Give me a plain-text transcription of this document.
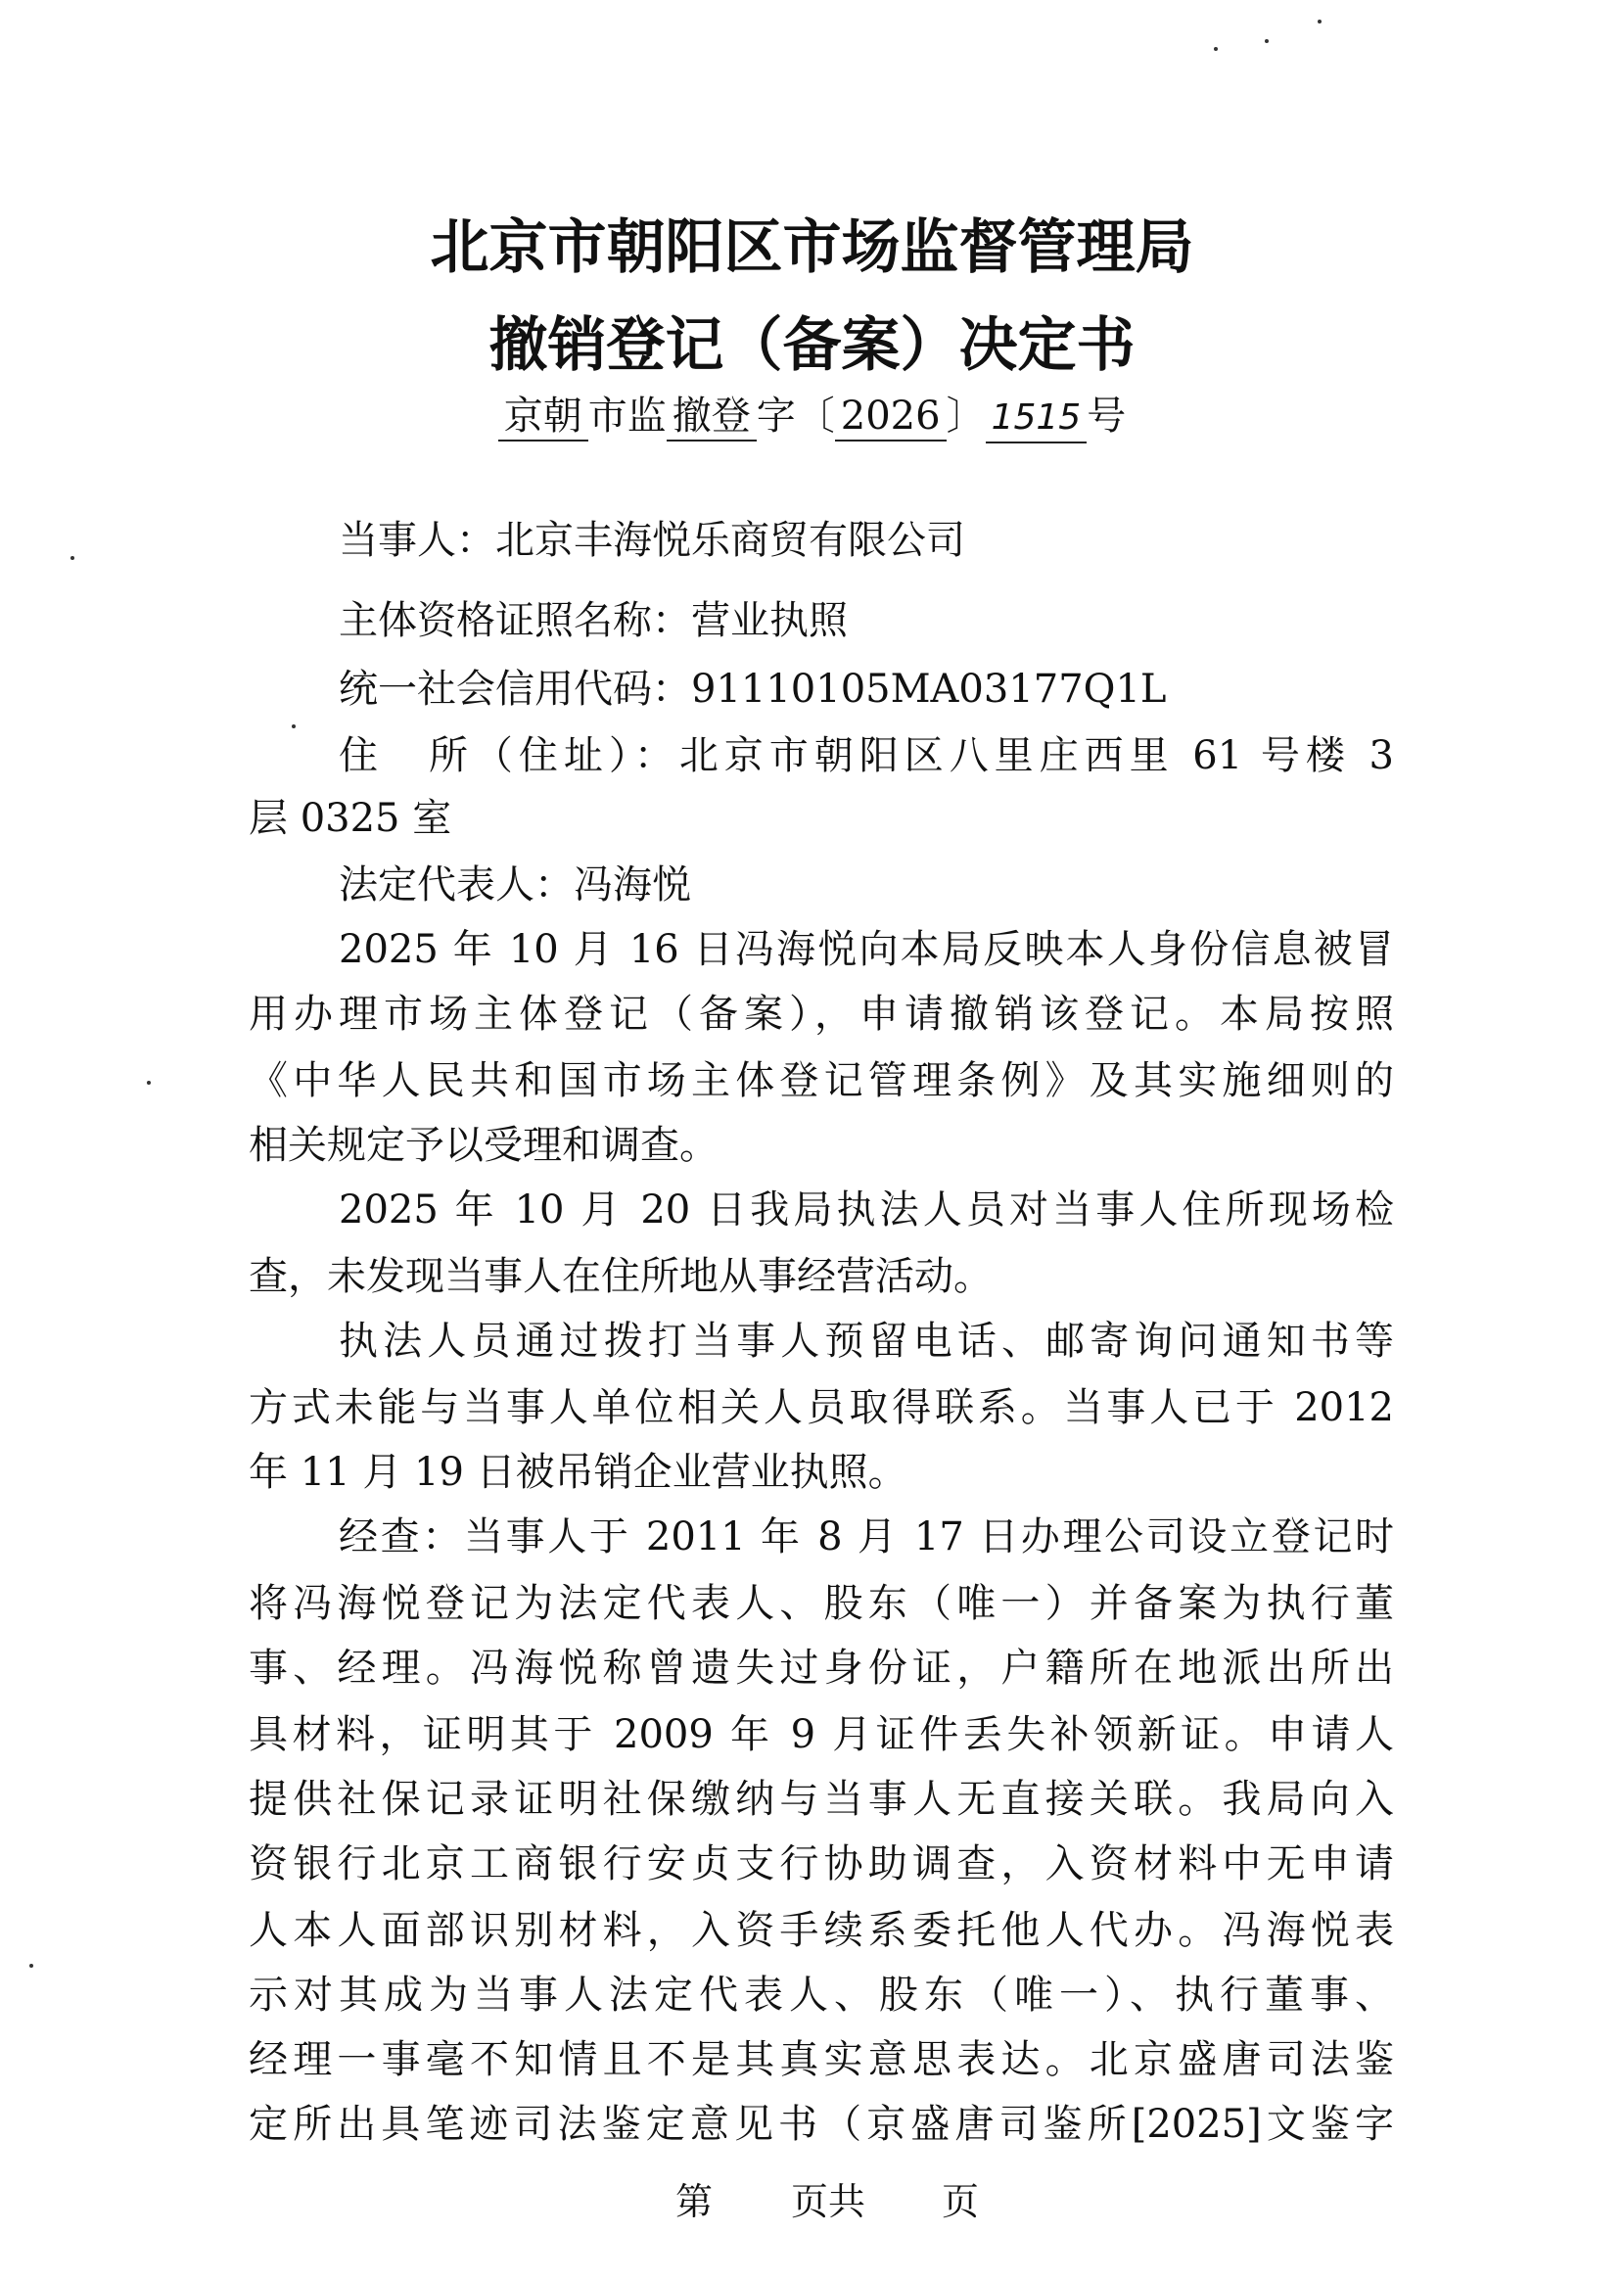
北京市朝阳区市场监督管理局
撤销登记（备案）决定书
京朝 市监 撤登 字〔 2026 〕 1515 号
当事人：北京丰海悦乐商贸有限公司
主体资格证照名称：营业执照
统一社会信用代码：91110105MA03177Q1L
住　所（住址）：北京市朝阳区八里庄西里 61 号楼 3
层 0325 室
法定代表人：冯海悦
2025 年 10 月 16 日冯海悦向本局反映本人身份信息被冒
用办理市场主体登记（备案），申请撤销该登记。本局按照
《中华人民共和国市场主体登记管理条例》及其实施细则的
相关规定予以受理和调查。
2025 年 10 月 20 日我局执法人员对当事人住所现场检
查，未发现当事人在住所地从事经营活动。
执法人员通过拨打当事人预留电话、邮寄询问通知书等
方式未能与当事人单位相关人员取得联系。当事人已于 2012
年 11 月 19 日被吊销企业营业执照。
经查：当事人于 2011 年 8 月 17 日办理公司设立登记时
将冯海悦登记为法定代表人、股东（唯一）并备案为执行董
事、经理。冯海悦称曾遗失过身份证，户籍所在地派出所出
具材料，证明其于 2009 年 9 月证件丢失补领新证。申请人
提供社保记录证明社保缴纳与当事人无直接关联。我局向入
资银行北京工商银行安贞支行协助调查，入资材料中无申请
人本人面部识别材料，入资手续系委托他人代办。冯海悦表
示对其成为当事人法定代表人、股东（唯一）、执行董事、
经理一事毫不知情且不是其真实意思表达。北京盛唐司法鉴
定所出具笔迹司法鉴定意见书（京盛唐司鉴所[2025]文鉴字
第 页共 页
